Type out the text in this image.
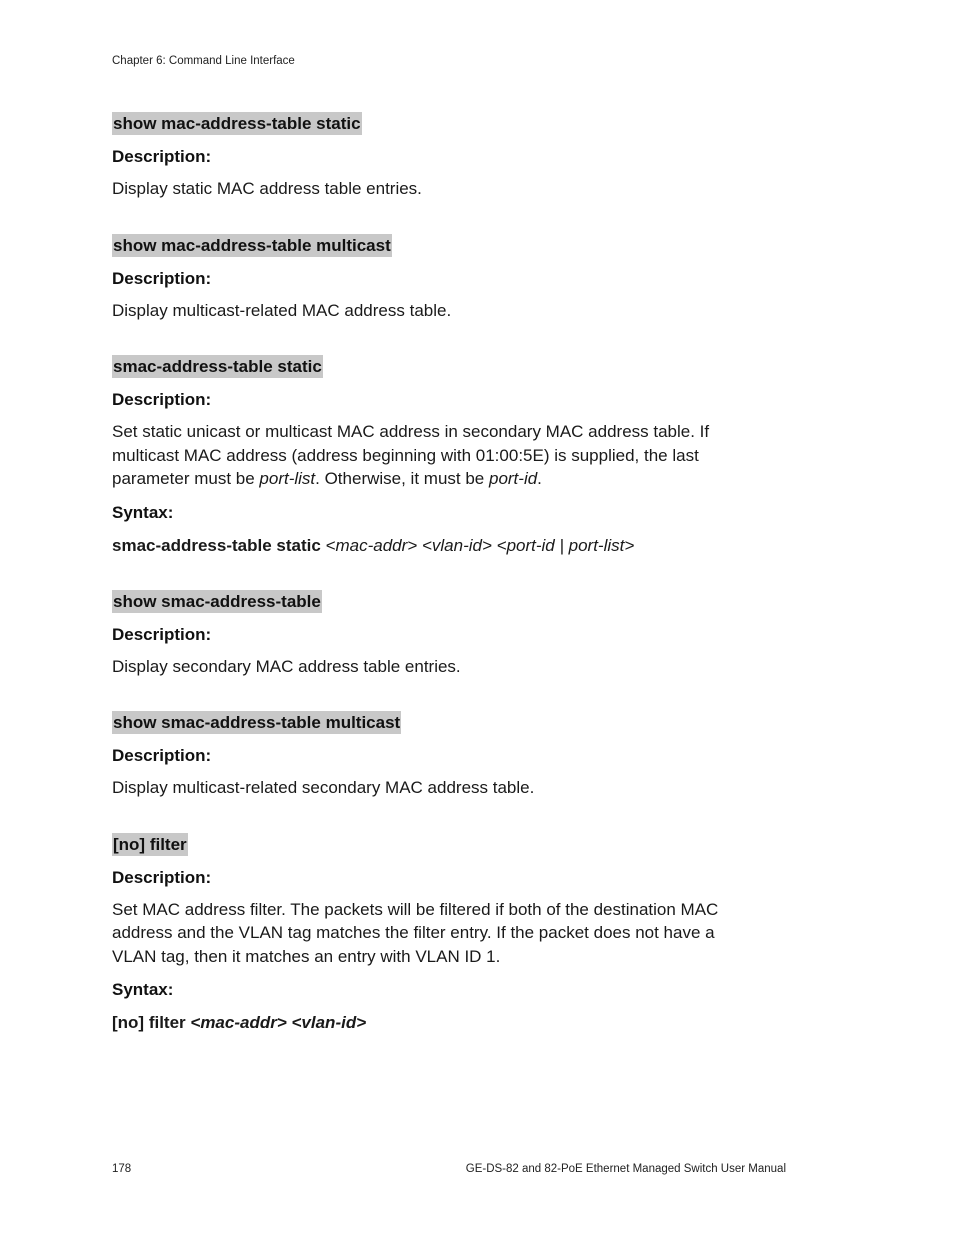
Chapter 6: Command Line Interface
show mac-address-table static
Description:
Display static MAC address table entries.
show mac-address-table multicast
Description:
Display multicast-related MAC address table.
smac-address-table static
Description:
Set static unicast or multicast MAC address in secondary MAC address table. If multicast MAC address (address beginning with 01:00:5E) is supplied, the last parameter must be port-list. Otherwise, it must be port-id.
Syntax:
smac-address-table static <mac-addr> <vlan-id> <port-id | port-list>
show smac-address-table
Description:
Display secondary MAC address table entries.
show smac-address-table multicast
Description:
Display multicast-related secondary MAC address table.
[no] filter
Description:
Set MAC address filter. The packets will be filtered if both of the destination MAC address and the VLAN tag matches the filter entry. If the packet does not have a VLAN tag, then it matches an entry with VLAN ID 1.
Syntax:
[no] filter <mac-addr> <vlan-id>
178	GE-DS-82 and 82-PoE Ethernet Managed Switch User Manual
